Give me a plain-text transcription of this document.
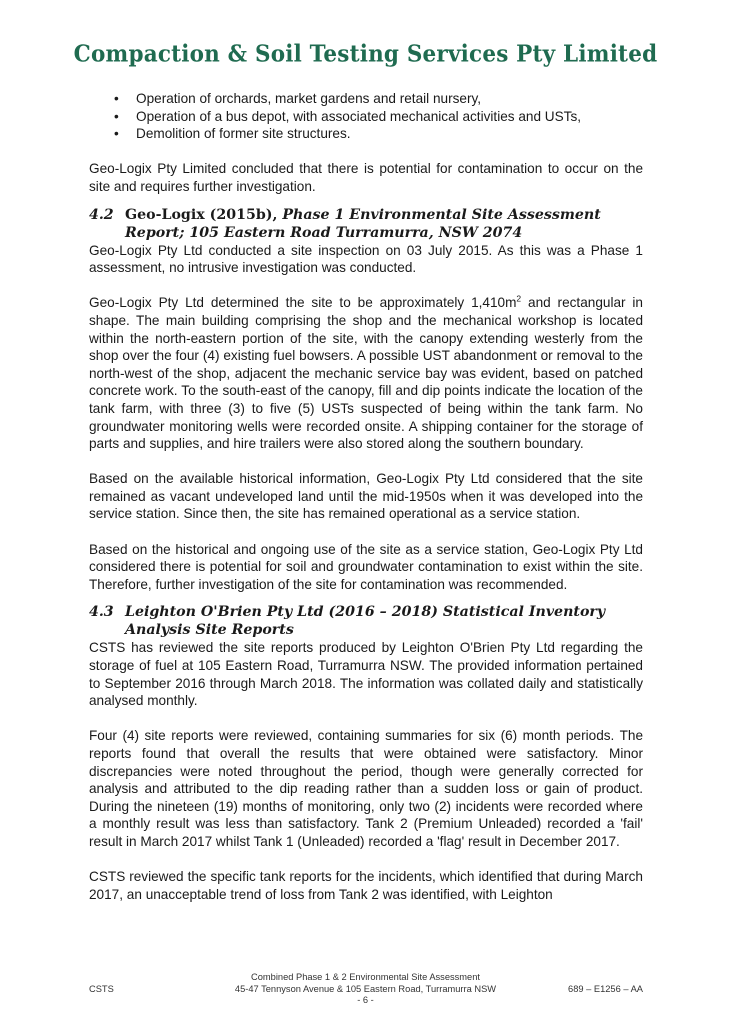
Compaction & Soil Testing Services Pty Limited
• Operation of orchards, market gardens and retail nursery,
• Operation of a bus depot, with associated mechanical activities and USTs,
• Demolition of former site structures.

Geo-Logix Pty Limited concluded that there is potential for contamination to occur on the site and requires further investigation.

4.2 Geo-Logix (2015b), Phase 1 Environmental Site Assessment Report; 105 Eastern Road Turramurra, NSW 2074

Geo-Logix Pty Ltd conducted a site inspection on 03 July 2015. As this was a Phase 1 assessment, no intrusive investigation was conducted.

Geo-Logix Pty Ltd determined the site to be approximately $1,410m^2$ and rectangular in shape. The main building comprising the shop and the mechanical workshop is located within the north-eastern portion of the site, with the canopy extending westerly from the shop over the four (4) existing fuel bowsers. A possible UST abandonment or removal to the north-west of the shop, adjacent the mechanic service bay was evident, based on patched concrete work. To the south-east of the canopy, fill and dip points indicate the location of the tank farm, with three (3) to five (5) USTs suspected of being within the tank farm. No groundwater monitoring wells were recorded onsite. A shipping container for the storage of parts and supplies, and hire trailers were also stored along the southern boundary.

Based on the available historical information, Geo-Logix Pty Ltd considered that the site remained as vacant undeveloped land until the mid-1950s when it was developed into the service station. Since then, the site has remained operational as a service station.

Based on the historical and ongoing use of the site as a service station, Geo-Logix Pty Ltd considered there is potential for soil and groundwater contamination to exist within the site. Therefore, further investigation of the site for contamination was recommended.

4.3 Leighton O'Brien Pty Ltd (2016 – 2018) Statistical Inventory Analysis Site Reports

CSTS has reviewed the site reports produced by Leighton O'Brien Pty Ltd regarding the storage of fuel at 105 Eastern Road, Turramurra NSW. The provided information pertained to September 2016 through March 2018. The information was collated daily and statistically analysed monthly.

Four (4) site reports were reviewed, containing summaries for six (6) month periods. The reports found that overall the results that were obtained were satisfactory. Minor discrepancies were noted throughout the period, though were generally corrected for analysis and attributed to the dip reading rather than a sudden loss or gain of product. During the nineteen (19) months of monitoring, only two (2) incidents were recorded where a monthly result was less than satisfactory. Tank 2 (Premium Unleaded) recorded a 'fail' result in March 2017 whilst Tank 1 (Unleaded) recorded a 'flag' result in December 2017.

CSTS reviewed the specific tank reports for the incidents, which identified that during March 2017, an unacceptable trend of loss from Tank 2 was identified, with Leighton

Combined Phase 1 & 2 Environmental Site Assessment
45-47 Tennyson Avenue & 105 Eastern Road, Turramurra NSW
CSTS	689 – E1256 – AA
- 6 -
